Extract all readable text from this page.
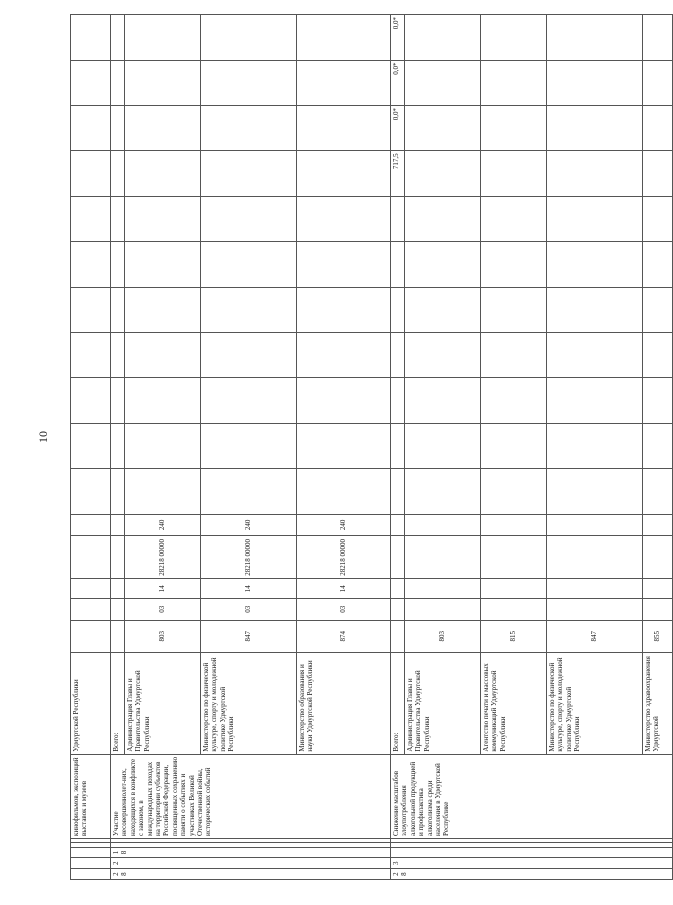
10
					кинофильмов, экспозиций выставок и музеев	Удмуртской Республики																
28	2	18			Участие несовершеннолет-них, находящихся в конфликте с законом, в международных походах на территории субъектов Российской Федерации, посвященных сохранению памяти о событиях и участниках Великой Отечественной войны, исторических событий	Всего:																
						Администрация Главы и Правительства Удмуртской Республики	803	03	14	28218 00000	240											
						Министерство по физической культуре, спорту и молодежной политике Удмуртской Республики	847	03	14	28218 00000	240											
						Министерство образования и науки Удмуртской Республики	874	03	14	28218 00000	240											
28	3				Снижение масштабов злоупотребления алкогольной продукцией и профилактика алкоголизма среди населения в Удмуртской Республике	Всего:													717,5	0,0*	0,0*	0,0*
						Администрация Главы и Правительства Удмуртской Республики	803															
						Агентство печати и массовых коммуникаций Удмуртской Республики	815															
						Министерство по физической культуре, спорту и молодежной политике Удмуртской Республики	847															
						Министерство здравоохранения Удмуртской	855															
